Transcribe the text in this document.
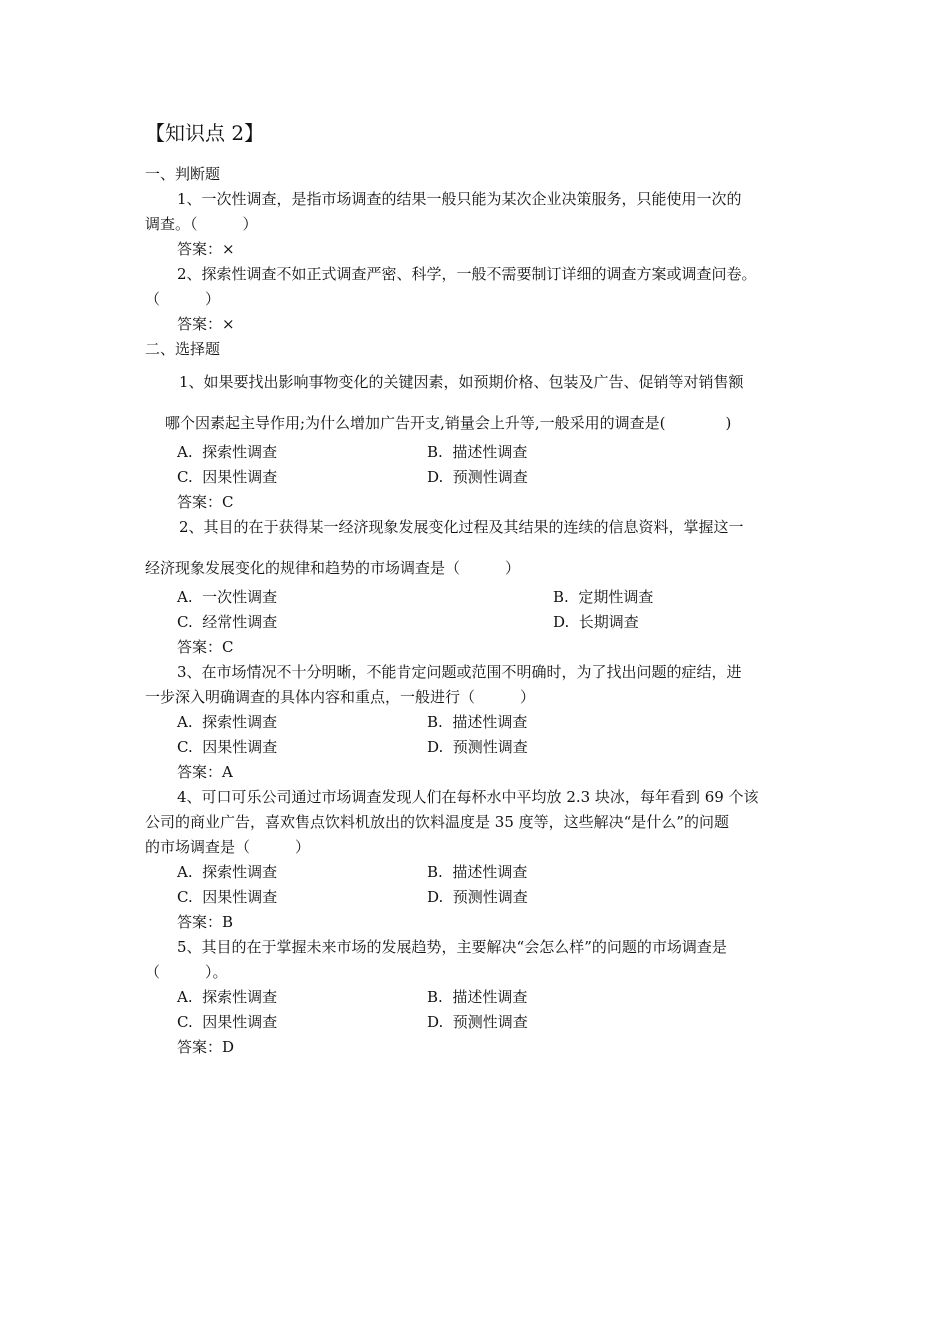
【知识点 2】
一、判断题
1、一次性调查，是指市场调查的结果一般只能为某次企业决策服务，只能使用一次的
调查。（　　　）
答案：×
2、探索性调查不如正式调查严密、科学，一般不需要制订详细的调查方案或调查问卷。
（　　　）
答案：×
二、选择题
1、如果要找出影响事物变化的关键因素，如预期价格、包装及广告、促销等对销售额
哪个因素起主导作用;为什么增加广告开支,销量会上升等,一般采用的调查是(　　　　)
A.  探索性调查	B.  描述性调查
C.  因果性调查	D.  预测性调查
答案：C
2、其目的在于获得某一经济现象发展变化过程及其结果的连续的信息资料，掌握这一
经济现象发展变化的规律和趋势的市场调查是（　　　）
A.  一次性调查	B.  定期性调查
C.  经常性调查	D.  长期调查
答案：C
3、在市场情况不十分明晰，不能肯定问题或范围不明确时，为了找出问题的症结，进
一步深入明确调查的具体内容和重点，一般进行（　　　）
A.  探索性调查	B.  描述性调查
C.  因果性调查	D.  预测性调查
答案：A
4、可口可乐公司通过市场调查发现人们在每杯水中平均放 2.3 块冰，每年看到 69 个该
公司的商业广告，喜欢售点饮料机放出的饮料温度是 35 度等，这些解决“是什么”的问题
的市场调查是（　　　）
A.  探索性调查	B.  描述性调查
C.  因果性调查	D.  预测性调查
答案：B
5、其目的在于掌握未来市场的发展趋势，主要解决“会怎么样”的问题的市场调查是
（　　　）。
A.  探索性调查	B.  描述性调查
C.  因果性调查	D.  预测性调查
答案：D
